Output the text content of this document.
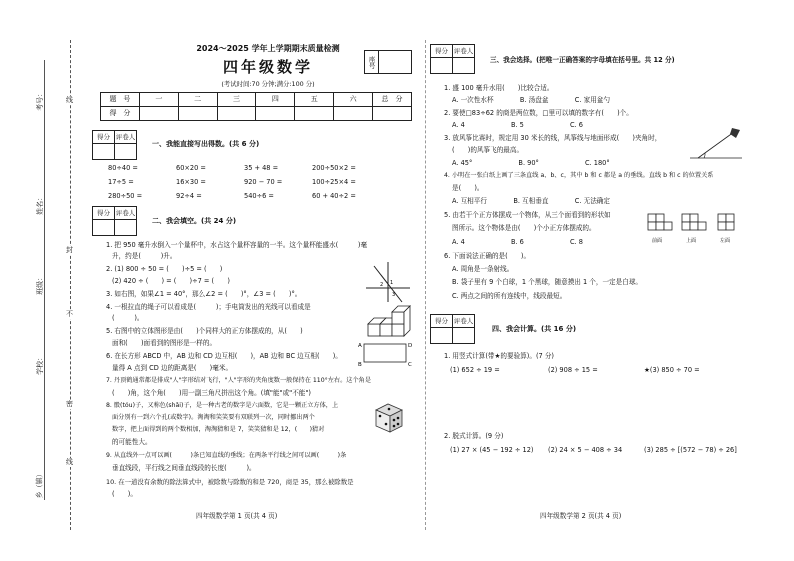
考号：
姓名：
班级：
学校：
乡（镇）
线
封
不
密
线
2024～2025 学年上学期期末质量检测
四年级数学
(考试时间:70 分钟;满分:100 分)
座号
题　号	一	二	三	四	五	六	总　分
得　分							
得分	评卷人

一、我能直接写出得数。(共 6 分)
80÷40 =	60×20 =	35 + 48 =	200÷50×2 =
17÷5 =	16×30 =	920 − 70 =	100÷25×4 =
280÷50 =	92÷4 =	540÷6 =	60 + 40÷2 =
得分	评卷人

二、我会填空。(共 24 分)
1. 把 950 毫升水倒入一个量杯中，水占这个量杯容量的一半。这个量杯能盛水(　　　)毫
升，约是(　　　)升。
2. (1) 800 ÷ 50 = (　　)÷5 = (　　)
(2) 420 ÷ (　　) = (　　)÷7 = (　　)
3. 如右图，如果∠1 = 40°，那么∠2 = (　　)°，∠3 = (　　)°。
4. 一根拉直的绳子可以看成是(　　　)；手电筒发出的光线可以看成是
(　　　)。
5. 右图中的立体图形是由(　　)个同样大的正方体摆成的，从(　　)
面和(　　)面看到的图形是一样的。
6. 在长方形 ABCD 中，AB 边和 CD 边互相(　　)，AB 边和 BC 边互相(　　)。
量得 A 点到 CD 边的距离是(　　)毫米。
7. 丹顶鹤通常都是排成"人"字形结对飞行，"人"字形的夹角度数一般保持在 110°左右。这个角是
(　　)角，这个角(　　)用一副三角尺拼出这个角。(填"能"或"不能")
8. 骰(tóu)子，又称色(shǎi)子，是一种古老的数字是六面数，它是一颗正立方体，上
面分别有一到六个孔(或数字)。淘淘和笑笑要有双联列一次，同时挪出两个
数字，把上面得到的两个数相加，淘淘猜和是 7，笑笑猜和是 12，(　　)猜对
的可能性大。
9. 从直线外一点可以画(　　　)条已知直线的垂线；在两条平行线之间可以画(　　　)条
垂直线段，平行线之间垂直线段的长度(　　　)。
10. 在一道没有余数的除法算式中，被除数与除数的和是 720，商是 35，那么被除数是
(　　)。
1
2
3
A
B	C
D
四年级数学第 1 页(共 4 页)
得分	评卷人

三、我会选择。(把唯一正确答案的字母填在括号里。共 12 分)
1. 盛 100 毫升水用(　　)比较合适。
A. 一次性水杯　　　　B. 汤盘盆　　　　C. 家用盆勺
2. 要使□83÷62 的商是两位数，□里可以填的数字有(　　)个。
A. 4　　　　　　　B. 5　　　　　　　C. 6
3. 放风筝比赛时，规定用 30 米长的线，风筝线与地面形成(　　)夹角时，
(　　)的风筝飞的最高。
A. 45°　　　　　　　B. 90°　　　　　　　C. 180°
4. 小明在一张白纸上画了三条直线 a、b、c，其中 b 和 c 都是 a 的垂线。直线 b 和 c 的位置关系
是(　　)。
A. 互相平行　　　　B. 互相垂直　　　　C. 无法确定
5. 由若干个正方体摆成一个物体，从三个面看到的形状如
图所示。这个物体是由(　　)个小正方体摆成的。
A. 4　　　　　　　B. 6　　　　　　　C. 8
6. 下面说法正确的是(　　)。
A. 周角是一条射线。
B. 袋子里有 9 个白球，1 个黑球，随意摸出 1 个，一定是白球。
C. 两点之间的所有连线中，线段最短。
前面	上面	左面
得分	评卷人

四、我会计算。(共 16 分)
1. 用竖式计算(带★的要验算)。(7 分)
(1) 652 ÷ 19 =	(2) 908 ÷ 15 =	★(3) 850 ÷ 70 =
2. 脱式计算。(9 分)
(1) 27 × (45 − 192 ÷ 12) (2) 24 × 5 − 408 ÷ 34	(3) 285 ÷ [(572 − 78) ÷ 26]
四年级数学第 2 页(共 4 页)
